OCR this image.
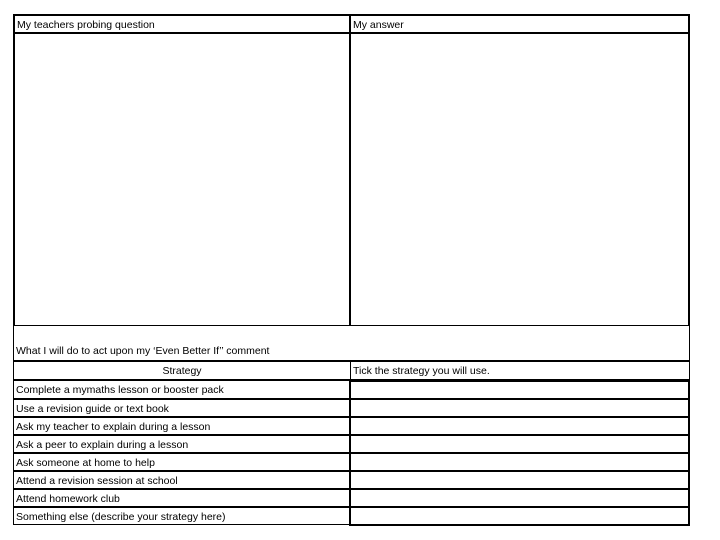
My teachers probing question	My answer
What I will do to act upon my ‘Even Better If’’ comment
Strategy	Tick the strategy you will use.
Complete a mymaths lesson or booster pack
Use a revision guide or text book
Ask my teacher to explain during a lesson
Ask a peer to explain during a lesson
Ask someone at home to help
Attend a revision session at school
Attend homework club
Something else (describe your strategy here)
